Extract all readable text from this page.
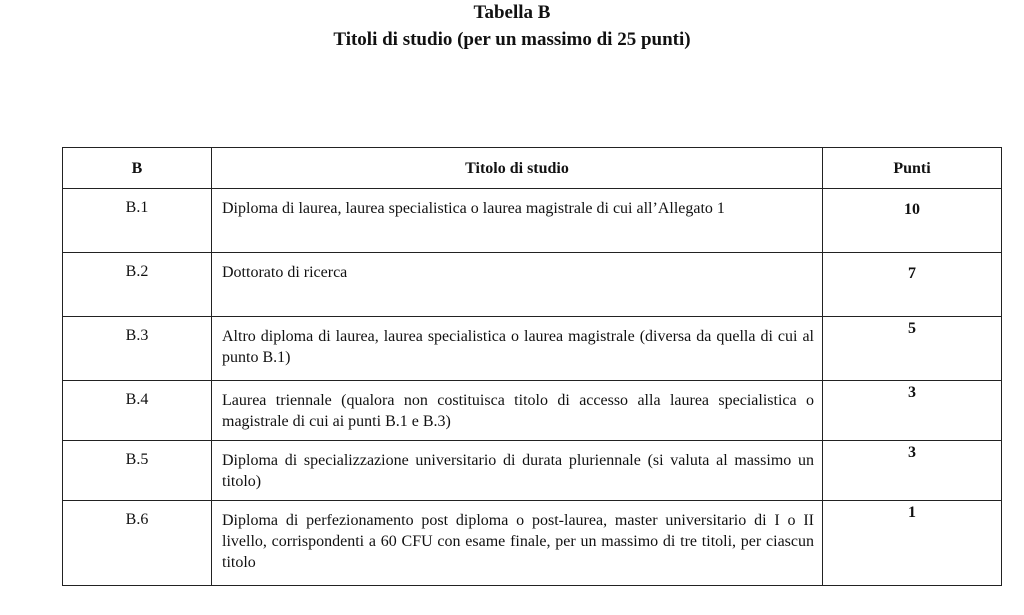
Tabella B
Titoli di studio (per un massimo di 25 punti)
B	Titolo di studio	Punti
B.1	Diploma di laurea, laurea specialistica o laurea magistrale di cui all’Allegato 1	10
B.2	Dottorato di ricerca	7
B.3	Altro diploma di laurea, laurea specialistica o laurea magistrale (diversa da quella di cui al punto B.1)	5
B.4	Laurea triennale (qualora non costituisca titolo di accesso alla laurea specialistica o magistrale di cui ai punti B.1 e B.3)	3
B.5	Diploma di specializzazione universitario di durata pluriennale (si valuta al massimo un titolo)	3
B.6	Diploma di perfezionamento post diploma o post-laurea, master universitario di I o II livello, corrispondenti a 60 CFU con esame finale, per un massimo di tre titoli, per ciascun titolo	1
